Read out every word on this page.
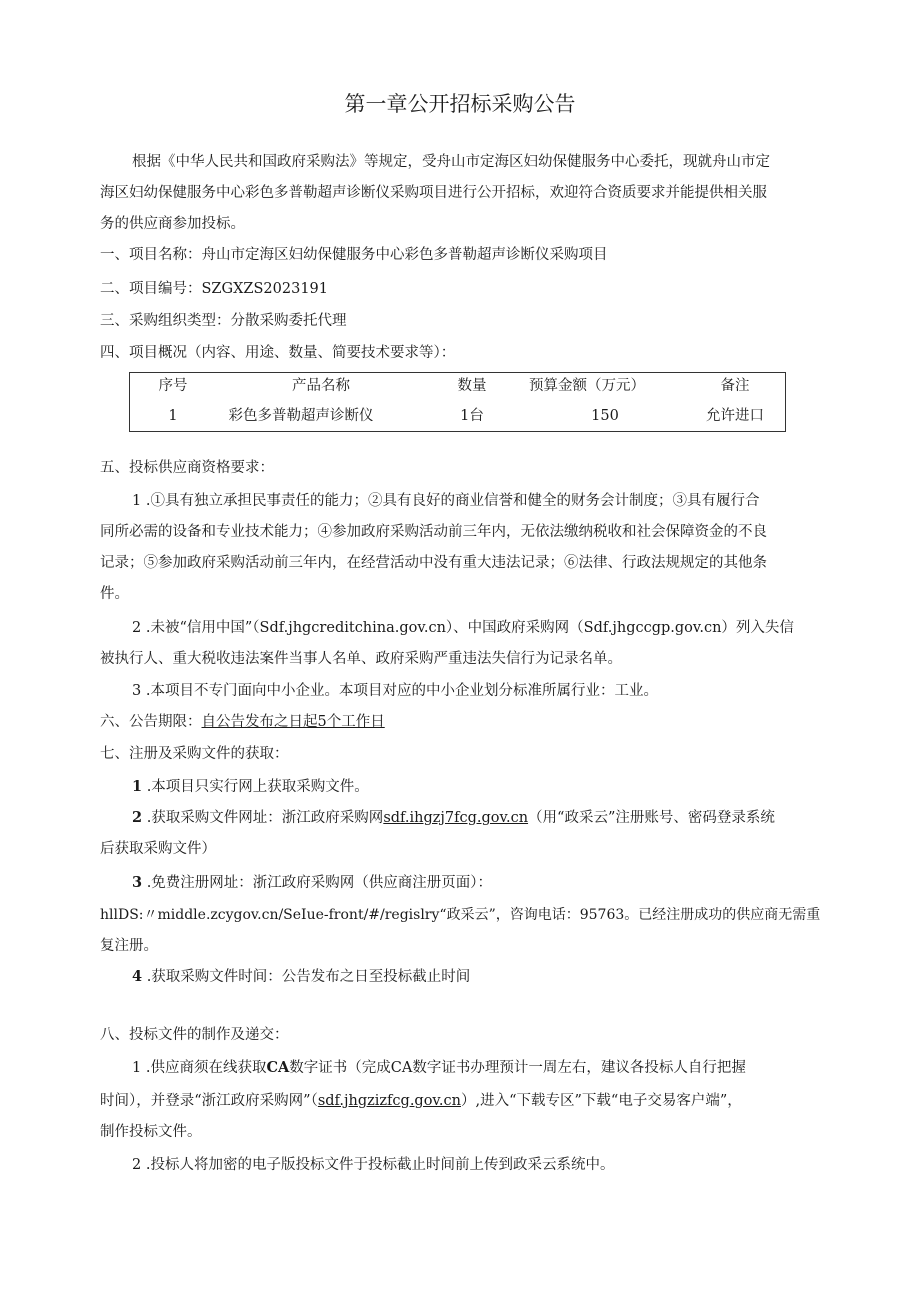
第一章公开招标采购公告
根据《中华人民共和国政府采购法》等规定，受舟山市定海区妇幼保健服务中心委托，现就舟山市定
海区妇幼保健服务中心彩色多普勒超声诊断仪采购项目进行公开招标，欢迎符合资质要求并能提供相关服
务的供应商参加投标。
一、项目名称：舟山市定海区妇幼保健服务中心彩色多普勒超声诊断仪采购项目
二、项目编号：SZGXZS2023191
三、采购组织类型：分散采购委托代理
四、项目概况（内容、用途、数量、简要技术要求等）：
序号	产品名称	数量	预算金额（万元）	备注
1	彩色多普勒超声诊断仪	1台	150	允许进口
五、投标供应商资格要求：
1 .①具有独立承担民事责任的能力；②具有良好的商业信誉和健全的财务会计制度；③具有履行合
同所必需的设备和专业技术能力；④参加政府采购活动前三年内，无依法缴纳税收和社会保障资金的不良
记录；⑤参加政府采购活动前三年内，在经营活动中没有重大违法记录；⑥法律、行政法规规定的其他条
件。
2 .未被“信用中国”（Sdf.jhgcreditchina.gov.cn）、中国政府采购网（Sdf.jhgccgp.gov.cn）列入失信
被执行人、重大税收违法案件当事人名单、政府采购严重违法失信行为记录名单。
3 .本项目不专门面向中小企业。本项目对应的中小企业划分标准所属行业：工业。
六、公告期限：自公告发布之日起5个工作日
七、注册及采购文件的获取：
1 .本项目只实行网上获取采购文件。
2 .获取采购文件网址：浙江政府采购网sdf.ihgzj7fcg.gov.cn（用“政采云”注册账号、密码登录系统
后获取采购文件）
3 .免费注册网址：浙江政府采购网（供应商注册页面）：
hllDS:〃middle.zcygov.cn/SeIue-front/#/regislry“政采云”，咨询电话：95763。已经注册成功的供应商无需重
复注册。
4 .获取采购文件时间：公告发布之日至投标截止时间
八、投标文件的制作及递交：
1 .供应商须在线获取CA数字证书（完成CA数字证书办理预计一周左右，建议各投标人自行把握
时间），并登录“浙江政府采购网”（sdf.jhgzizfcg.gov.cn）,进入“下载专区”下载“电子交易客户端”，
制作投标文件。
2 .投标人将加密的电子版投标文件于投标截止时间前上传到政采云系统中。
